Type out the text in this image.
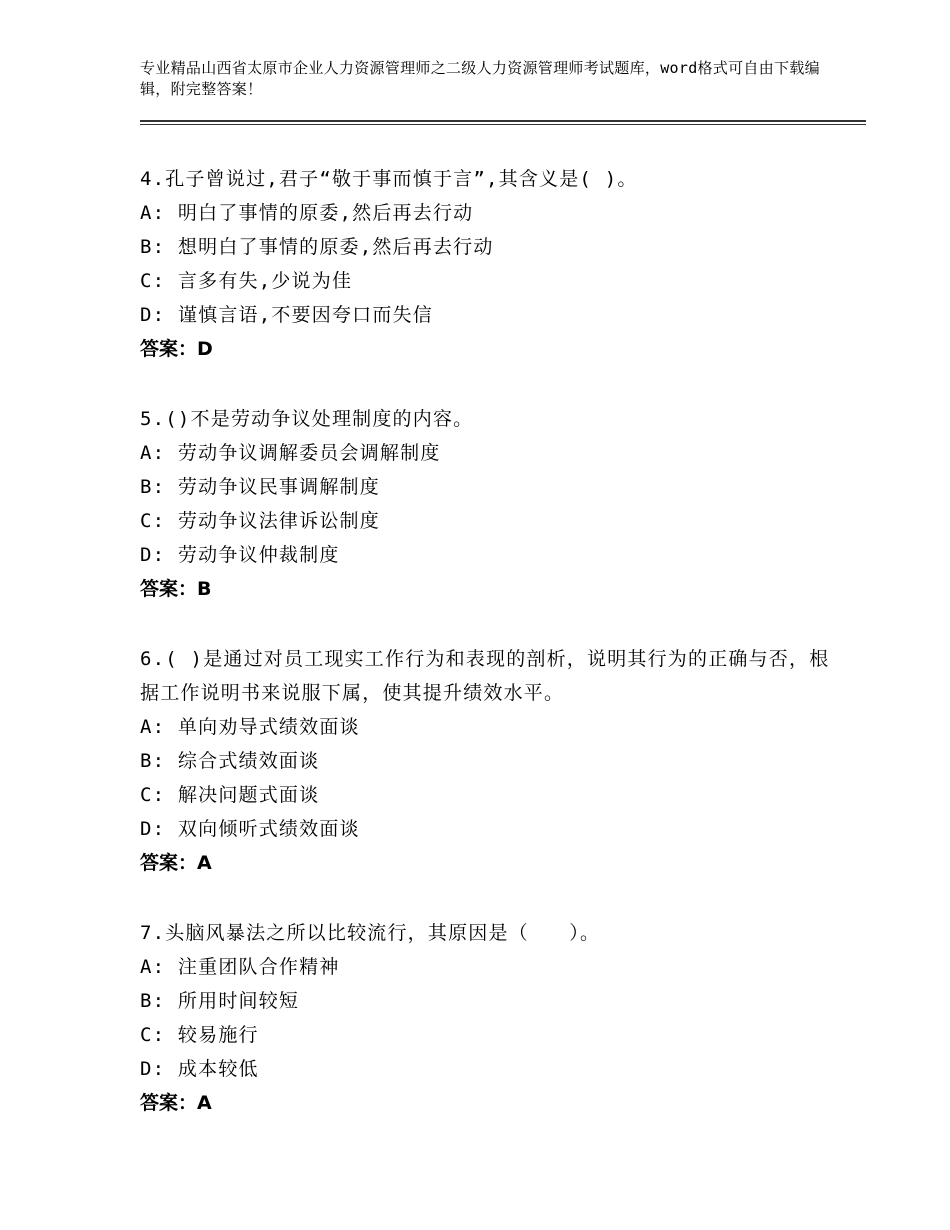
专业精品山西省太原市企业人力资源管理师之二级人力资源管理师考试题库，word格式可自由下载编辑，附完整答案！
4.孔子曾说过,君子“敬于事而慎于言”,其含义是( )。
A: 明白了事情的原委,然后再去行动
B: 想明白了事情的原委,然后再去行动
C: 言多有失,少说为佳
D: 谨慎言语,不要因夸口而失信
答案：D
5.()不是劳动争议处理制度的内容。
A: 劳动争议调解委员会调解制度
B: 劳动争议民事调解制度
C: 劳动争议法律诉讼制度
D: 劳动争议仲裁制度
答案：B
6.( )是通过对员工现实工作行为和表现的剖析，说明其行为的正确与否，根据工作说明书来说服下属，使其提升绩效水平。
A: 单向劝导式绩效面谈
B: 综合式绩效面谈
C: 解决问题式面谈
D: 双向倾听式绩效面谈
答案：A
7.头脑风暴法之所以比较流行，其原因是（　　）。
A: 注重团队合作精神
B: 所用时间较短
C: 较易施行
D: 成本较低
答案：A
